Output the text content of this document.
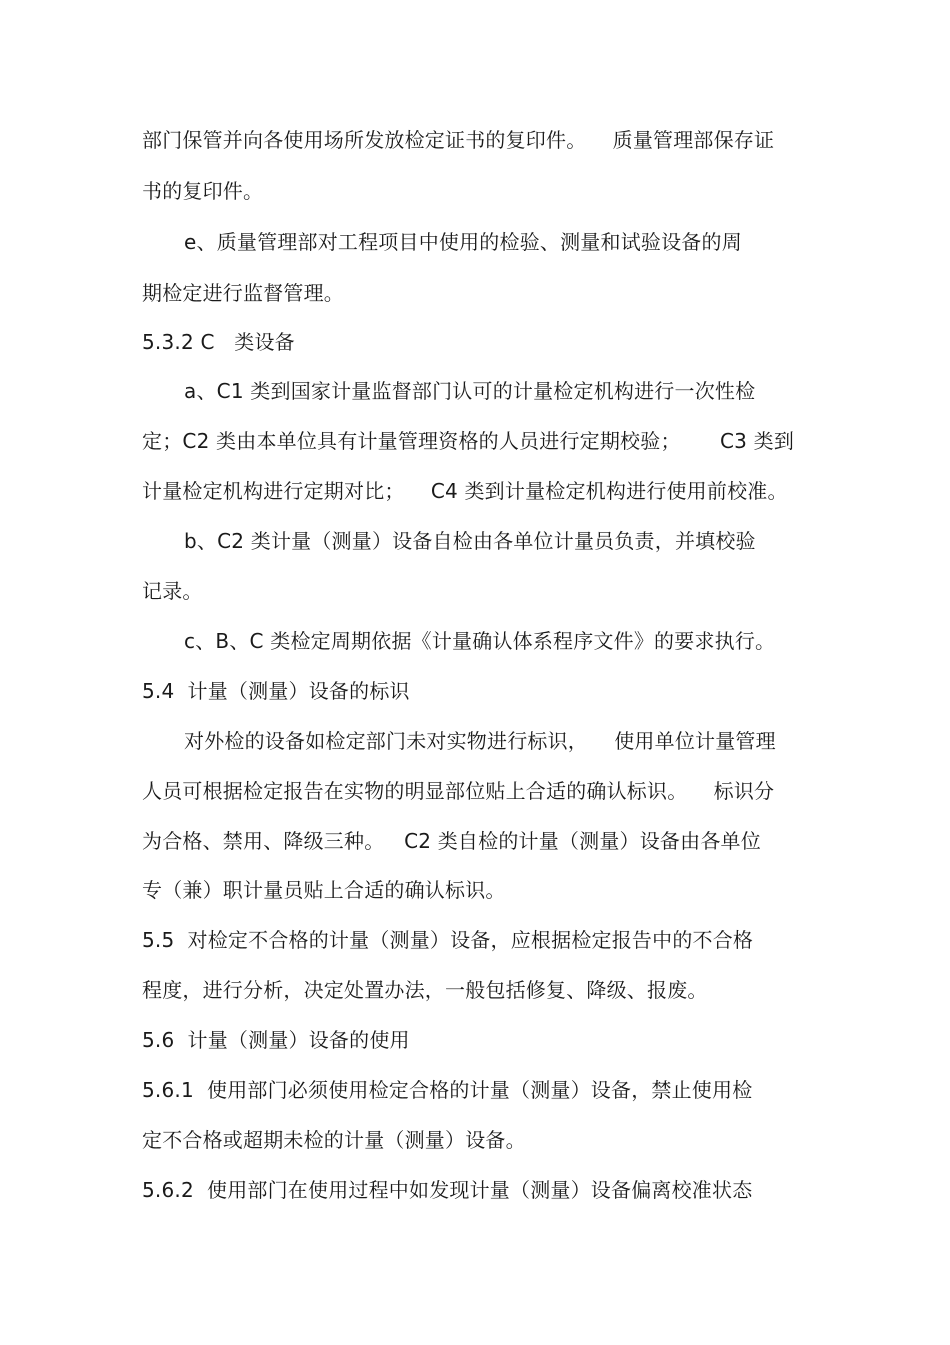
部门保管并向各使用场所发放检定证书的复印件。    质量管理部保存证
书的复印件。
e、质量管理部对工程项目中使用的检验、测量和试验设备的周
期检定进行监督管理。
5.3.2 C   类设备
a、C1 类到国家计量监督部门认可的计量检定机构进行一次性检
定；C2 类由本单位具有计量管理资格的人员进行定期校验；      C3 类到
计量检定机构进行定期对比；    C4 类到计量检定机构进行使用前校准。
b、C2 类计量（测量）设备自检由各单位计量员负责，并填校验
记录。
c、B、C 类检定周期依据《计量确认体系程序文件》的要求执行。
5.4  计量（测量）设备的标识
对外检的设备如检定部门未对实物进行标识，    使用单位计量管理
人员可根据检定报告在实物的明显部位贴上合适的确认标识。    标识分
为合格、禁用、降级三种。   C2 类自检的计量（测量）设备由各单位
专（兼）职计量员贴上合适的确认标识。
5.5  对检定不合格的计量（测量）设备，应根据检定报告中的不合格
程度，进行分析，决定处置办法，一般包括修复、降级、报废。
5.6  计量（测量）设备的使用
5.6.1  使用部门必须使用检定合格的计量（测量）设备，禁止使用检
定不合格或超期未检的计量（测量）设备。
5.6.2  使用部门在使用过程中如发现计量（测量）设备偏离校准状态
